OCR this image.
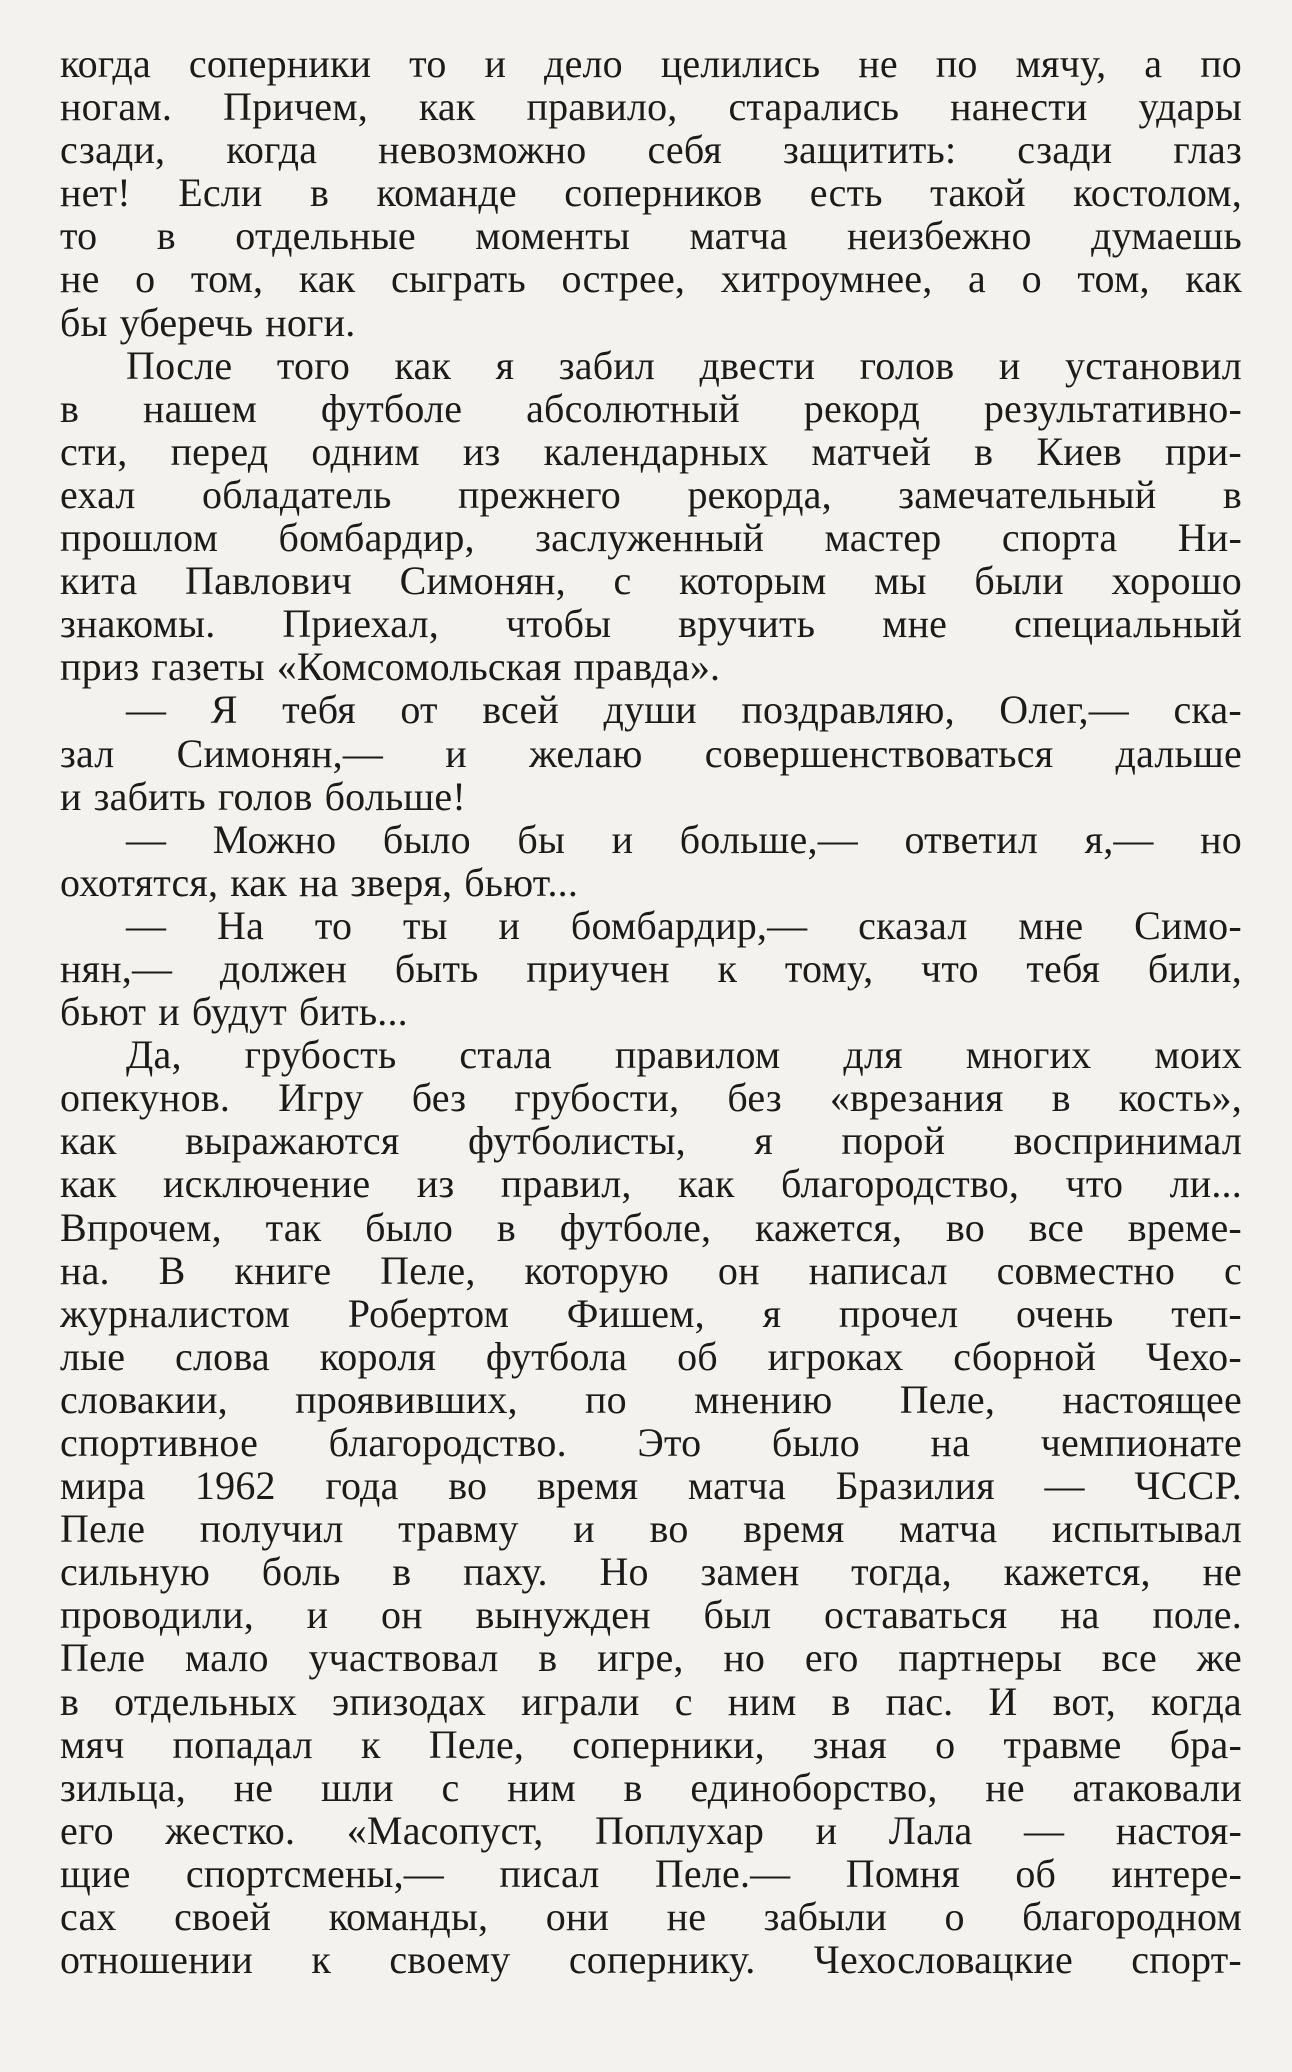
когда соперники то и дело целились не по мячу, а по
ногам. Причем, как правило, старались нанести удары
сзади, когда невозможно себя защитить: сзади глаз
нет! Если в команде соперников есть такой костолом,
то в отдельные моменты матча неизбежно думаешь
не о том, как сыграть острее, хитроумнее, а о том, как
бы уберечь ноги.
После того как я забил двести голов и установил
в нашем футболе абсолютный рекорд результативно-
сти, перед одним из календарных матчей в Киев при-
ехал обладатель прежнего рекорда, замечательный в
прошлом бомбардир, заслуженный мастер спорта Ни-
кита Павлович Симонян, с которым мы были хорошо
знакомы. Приехал, чтобы вручить мне специальный
приз газеты «Комсомольская правда».
— Я тебя от всей души поздравляю, Олег,— ска-
зал Симонян,— и желаю совершенствоваться дальше
и забить голов больше!
— Можно было бы и больше,— ответил я,— но
охотятся, как на зверя, бьют...
— На то ты и бомбардир,— сказал мне Симо-
нян,— должен быть приучен к тому, что тебя били,
бьют и будут бить...
Да, грубость стала правилом для многих моих
опекунов. Игру без грубости, без «врезания в кость»,
как выражаются футболисты, я порой воспринимал
как исключение из правил, как благородство, что ли...
Впрочем, так было в футболе, кажется, во все време-
на. В книге Пеле, которую он написал совместно с
журналистом Робертом Фишем, я прочел очень теп-
лые слова короля футбола об игроках сборной Чехо-
словакии, проявивших, по мнению Пеле, настоящее
спортивное благородство. Это было на чемпионате
мира 1962 года во время матча Бразилия — ЧССР.
Пеле получил травму и во время матча испытывал
сильную боль в паху. Но замен тогда, кажется, не
проводили, и он вынужден был оставаться на поле.
Пеле мало участвовал в игре, но его партнеры все же
в отдельных эпизодах играли с ним в пас. И вот, когда
мяч попадал к Пеле, соперники, зная о травме бра-
зильца, не шли с ним в единоборство, не атаковали
его жестко. «Масопуст, Поплухар и Лала — настоя-
щие спортсмены,— писал Пеле.— Помня об интере-
сах своей команды, они не забыли о благородном
отношении к своему сопернику. Чехословацкие спорт-
